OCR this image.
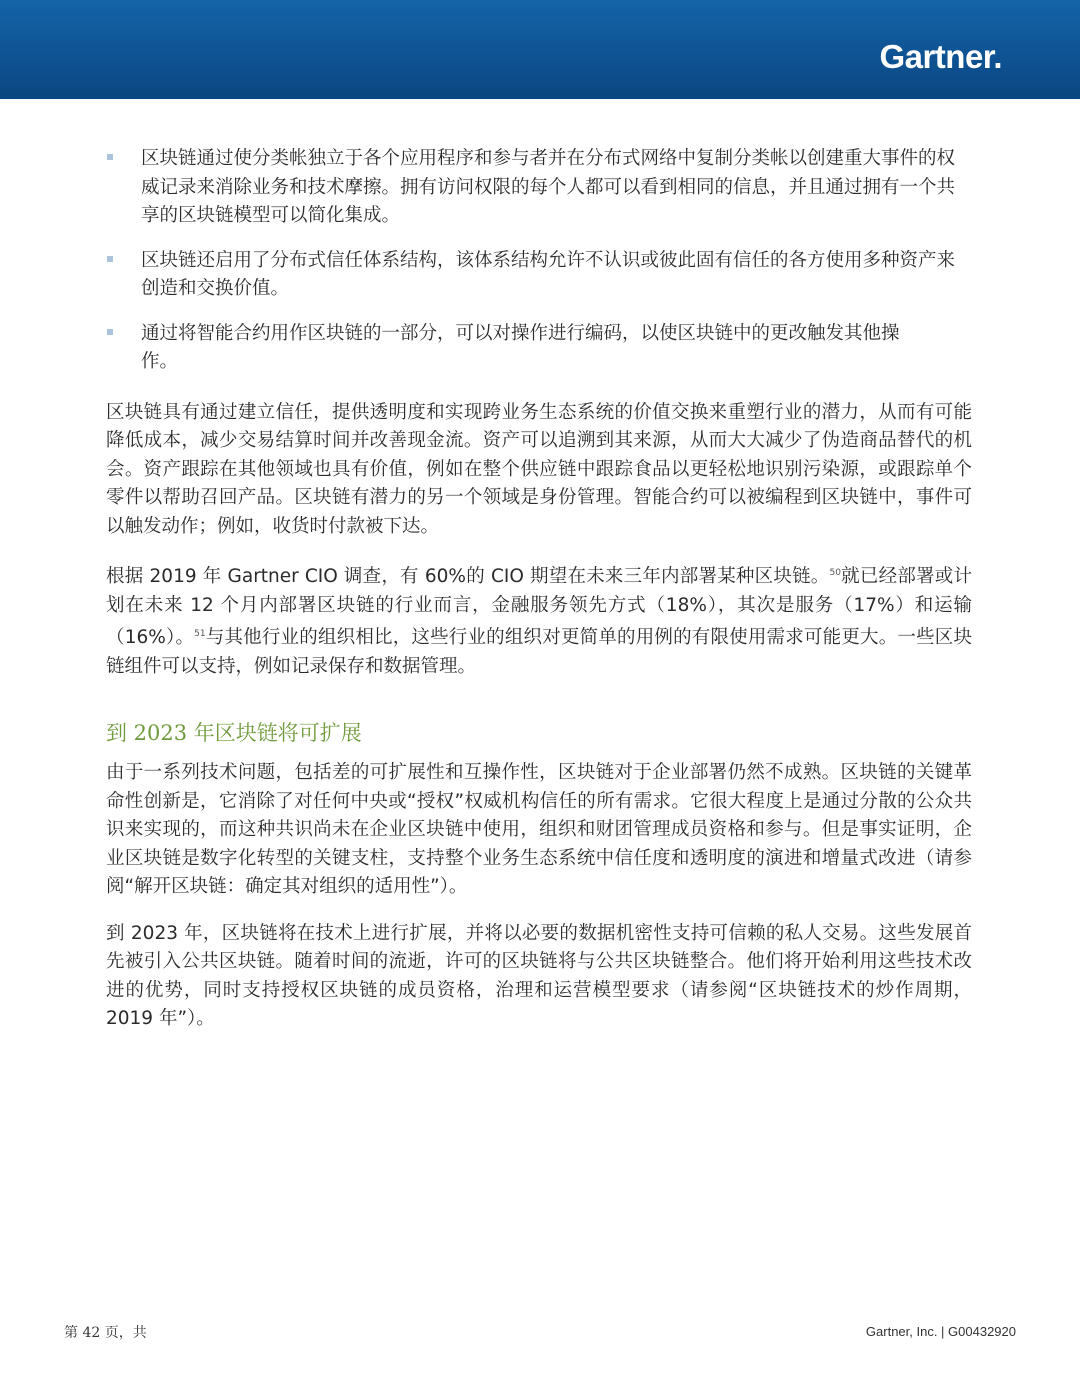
Gartner.
区块链通过使分类帐独立于各个应用程序和参与者并在分布式网络中复制分类帐以创建重大事件的权威记录来消除业务和技术摩擦。拥有访问权限的每个人都可以看到相同的信息，并且通过拥有一个共享的区块链模型可以简化集成。
区块链还启用了分布式信任体系结构，该体系结构允许不认识或彼此固有信任的各方使用多种资产来创造和交换价值。
通过将智能合约用作区块链的一部分，可以对操作进行编码，以使区块链中的更改触发其他操作。

区块链具有通过建立信任，提供透明度和实现跨业务生态系统的价值交换来重塑行业的潜力，从而有可能降低成本，减少交易结算时间并改善现金流。资产可以追溯到其来源，从而大大减少了伪造商品替代的机会。资产跟踪在其他领域也具有价值，例如在整个供应链中跟踪食品以更轻松地识别污染源，或跟踪单个零件以帮助召回产品。区块链有潜力的另一个领域是身份管理。智能合约可以被编程到区块链中，事件可以触发动作；例如，收货时付款被下达。

根据 2019 年 Gartner CIO 调查，有 60%的 CIO 期望在未来三年内部署某种区块链。$^{50}$就已经部署或计划在未来 12 个月内部署区块链的行业而言，金融服务领先方式（18%），其次是服务（17%）和运输（16%）。$^{51}$与其他行业的组织相比，这些行业的组织对更简单的用例的有限使用需求可能更大。一些区块链组件可以支持，例如记录保存和数据管理。

到 2023 年区块链将可扩展

由于一系列技术问题，包括差的可扩展性和互操作性，区块链对于企业部署仍然不成熟。区块链的关键革命性创新是，它消除了对任何中央或“授权”权威机构信任的所有需求。它很大程度上是通过分散的公众共识来实现的，而这种共识尚未在企业区块链中使用，组织和财团管理成员资格和参与。但是事实证明，企业区块链是数字化转型的关键支柱，支持整个业务生态系统中信任度和透明度的演进和增量式改进（请参阅“解开区块链：确定其对组织的适用性”）。

到 2023 年，区块链将在技术上进行扩展，并将以必要的数据机密性支持可信赖的私人交易。这些发展首先被引入公共区块链。随着时间的流逝，许可的区块链将与公共区块链整合。他们将开始利用这些技术改进的优势，同时支持授权区块链的成员资格，治理和运营模型要求（请参阅“区块链技术的炒作周期，2019 年”）。

第 42 页，共	Gartner, Inc. | G00432920
